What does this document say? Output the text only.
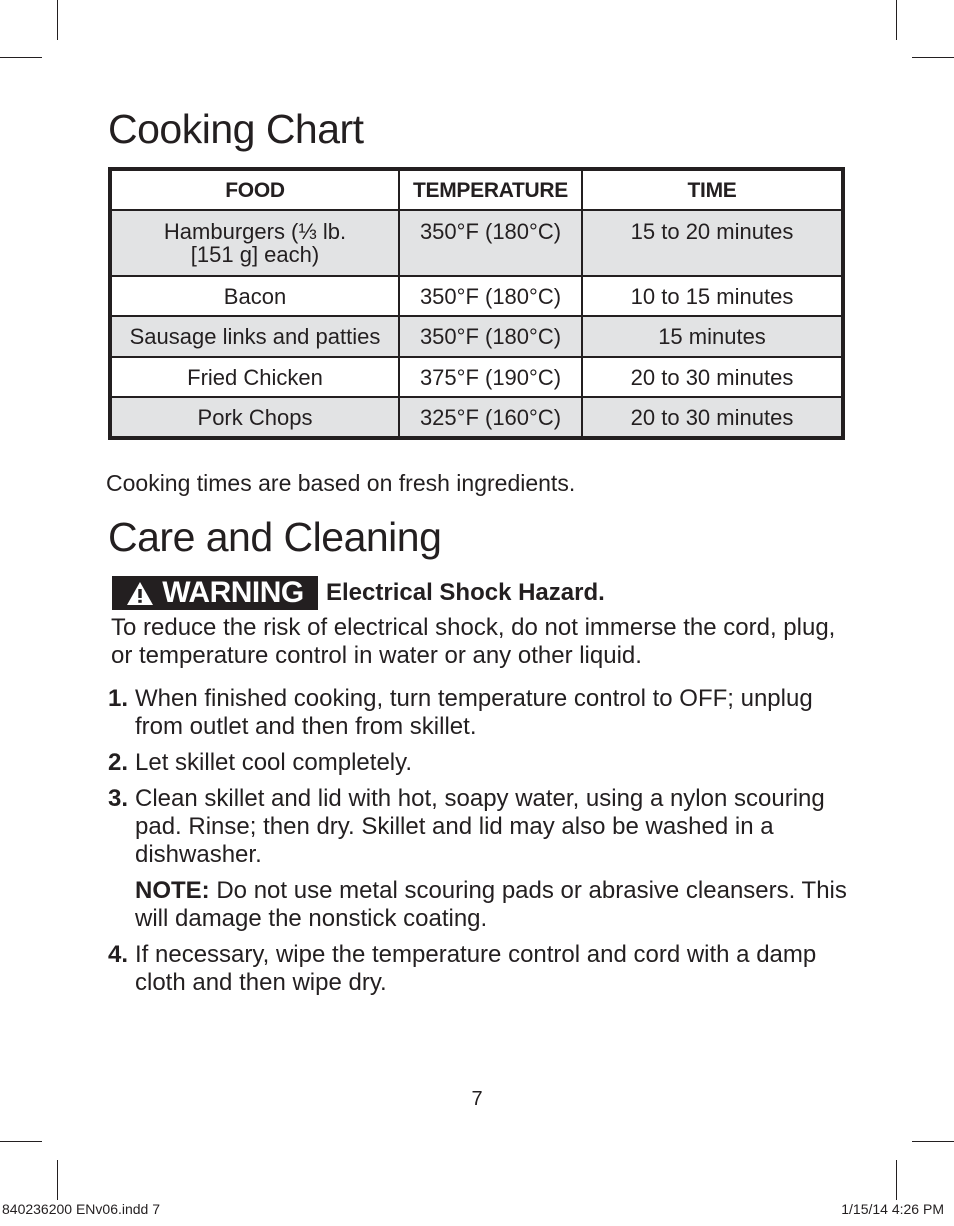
Cooking Chart
FOOD	TEMPERATURE	TIME

Hamburgers (⅓ lb.
[151 g] each)	350°F (180°C)	15 to 20 minutes
Bacon	350°F (180°C)	10 to 15 minutes
Sausage links and patties	350°F (180°C)	15 minutes
Fried Chicken	375°F (190°C)	20 to 30 minutes
Pork Chops	325°F (160°C)	20 to 30 minutes
Cooking times are based on fresh ingredients.
Care and Cleaning
WARNING Electrical Shock Hazard.
To reduce the risk of electrical shock, do not immerse the cord, plug, or temperature control in water or any other liquid.
1. When finished cooking, turn temperature control to OFF; unplug from outlet and then from skillet.
2. Let skillet cool completely.
3. Clean skillet and lid with hot, soapy water, using a nylon scouring pad. Rinse; then dry. Skillet and lid may also be washed in a dishwasher.
NOTE: Do not use metal scouring pads or abrasive cleansers. This will damage the nonstick coating.
4. If necessary, wipe the temperature control and cord with a damp cloth and then wipe dry.
7
840236200 ENv06.indd 7	1/15/14 4:26 PM
